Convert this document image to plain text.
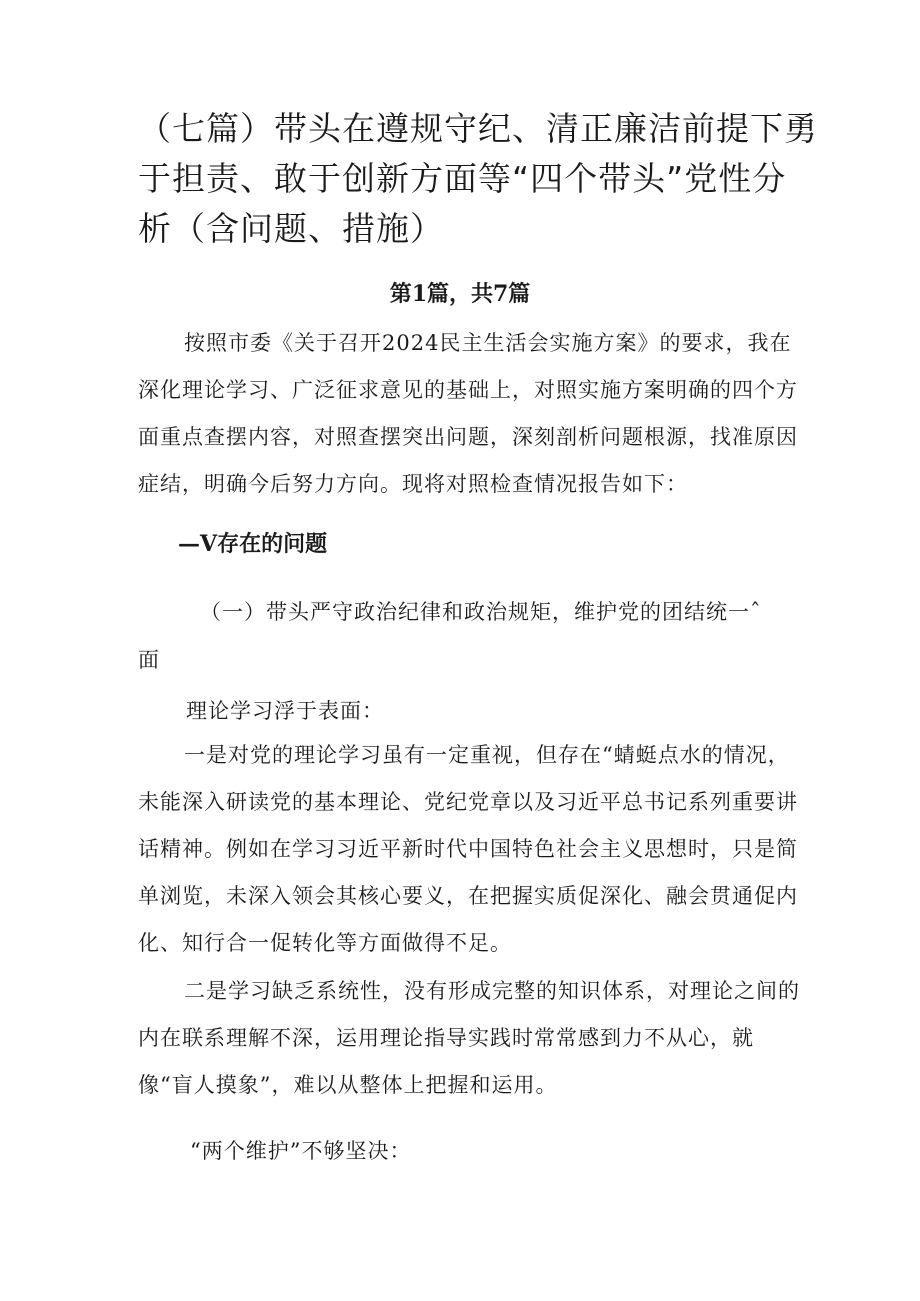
（七篇）带头在遵规守纪、清正廉洁前提下勇
于担责、敢于创新方面等“四个带头”党性分
析（含问题、措施）
第1篇，共7篇

按照市委《关于召开2024民主生活会实施方案》的要求，我在深化理论学习、广泛征求意见的基础上，对照实施方案明确的四个方面重点查摆内容，对照查摆突出问题，深刻剖析问题根源，找准原因症结，明确今后努力方向。现将对照检查情况报告如下：

—V存在的问题
（一）带头严守政治纪律和政治规矩，维护党的团结统一ˆ
面
理论学习浮于表面：

一是对党的理论学习虽有一定重视，但存在“蜻蜓点水的情况，未能深入研读党的基本理论、党纪党章以及习近平总书记系列重要讲话精神。例如在学习习近平新时代中国特色社会主义思想时，只是简单浏览，未深入领会其核心要义，在把握实质促深化、融会贯通促内化、知行合一促转化等方面做得不足。

二是学习缺乏系统性，没有形成完整的知识体系，对理论之间的内在联系理解不深，运用理论指导实践时常常感到力不从心，就像“盲人摸象”，难以从整体上把握和运用。

“两个维护”不够坚决：
